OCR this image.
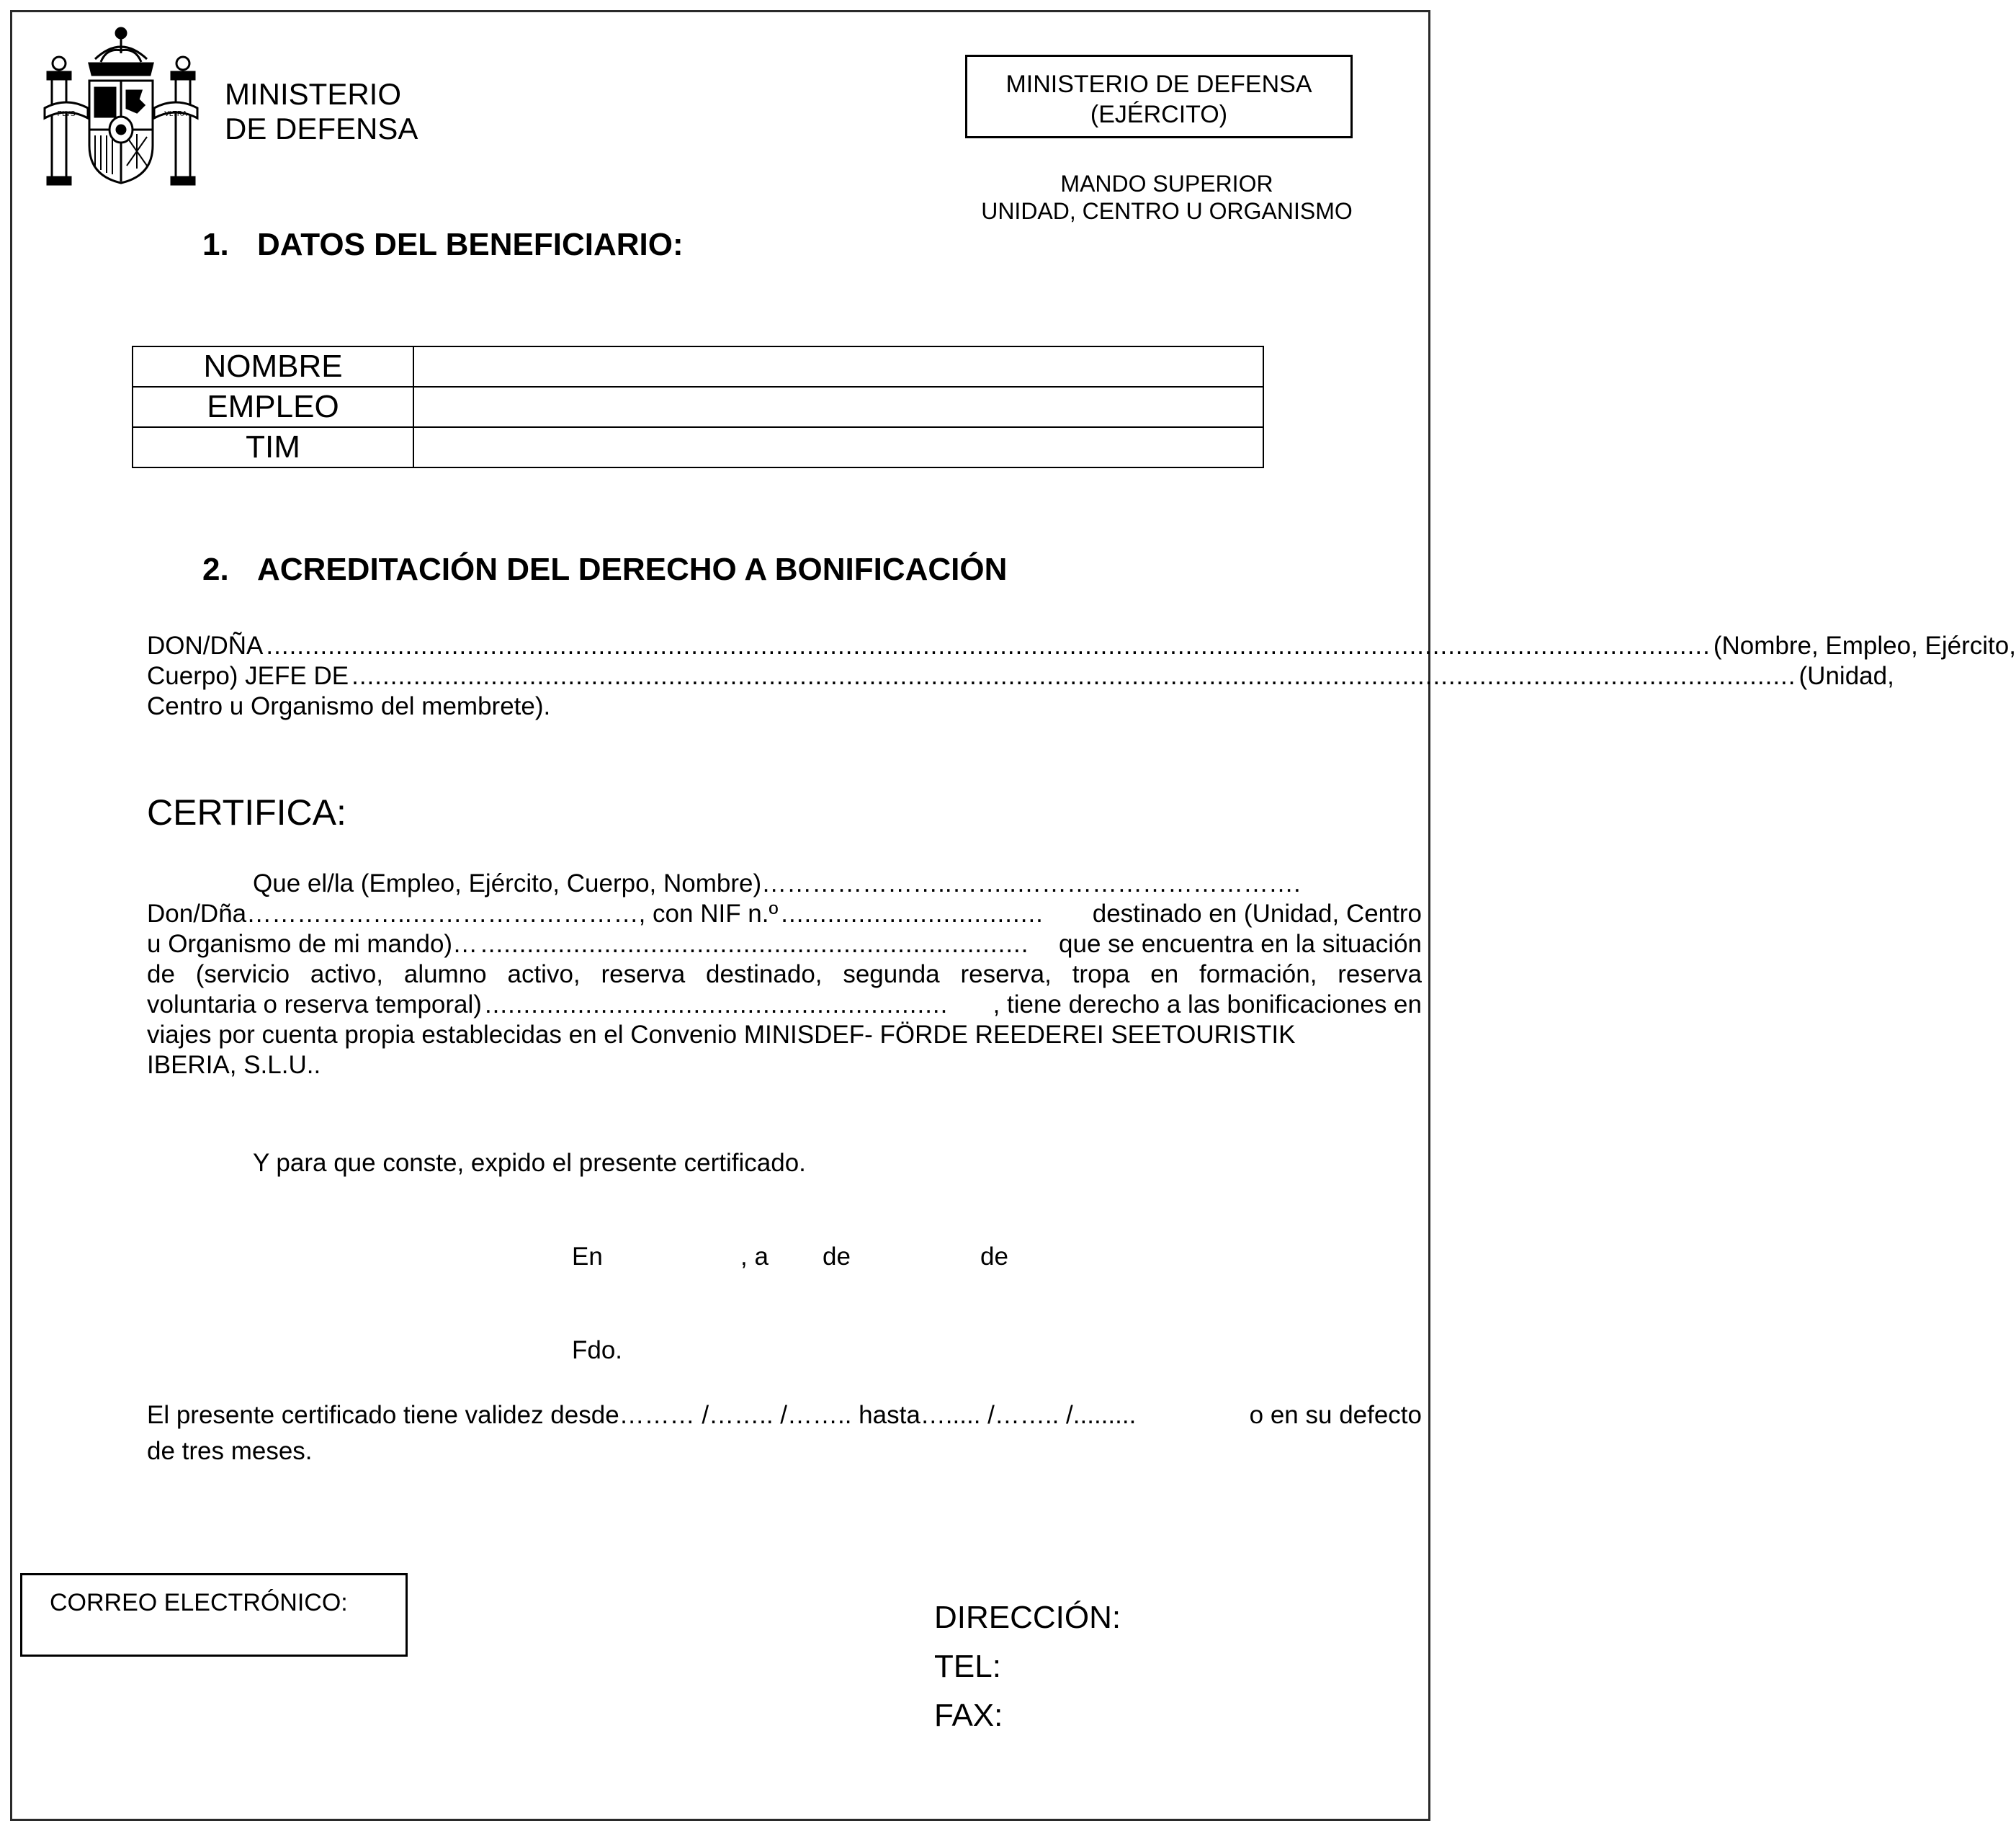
PLVS	VLTRA
MINISTERIO
DE DEFENSA
MINISTERIO DE DEFENSA
(EJÉRCITO)
MANDO SUPERIOR
UNIDAD, CENTRO U ORGANISMO
1. DATOS DEL BENEFICIARIO:
NOMBRE	
EMPLEO	
TIM	
2. ACREDITACIÓN DEL DERECHO A BONIFICACIÓN
DON/DÑA ........................................................................................................................................................................................... (Nombre, Empleo, Ejército,
Cuerpo) JEFE DE ........................................................................................................................................................................................... (Unidad,
Centro u Organismo del membrete).
CERTIFICA:
Que el/la (Empleo, Ejército, Cuerpo, Nombre)…………………..……..…………………………….
Don/Dña………………..………………………, con NIF n.º ..................................	destinado en (Unidad, Centro
u Organismo de mi mando)… .......................................................................	que se encuentra en la situación
de (servicio activo, alumno activo, reserva destinado, segunda reserva, tropa en formación, reserva
voluntaria o reserva temporal) ............................................................	, tiene derecho a las bonificaciones en
viajes por cuenta propia establecidas en el Convenio MINISDEF- FÖRDE REEDEREI SEETOURISTIK
IBERIA, S.L.U..
Y para que conste, expido el presente certificado.
En	, a de	de
Fdo.
El presente certificado tiene validez desde……… /…….. /…….. hasta…..... /…….. /.........	o en su defecto
de tres meses.
CORREO ELECTRÓNICO:	DIRECCIÓN:
TEL:
FAX:
